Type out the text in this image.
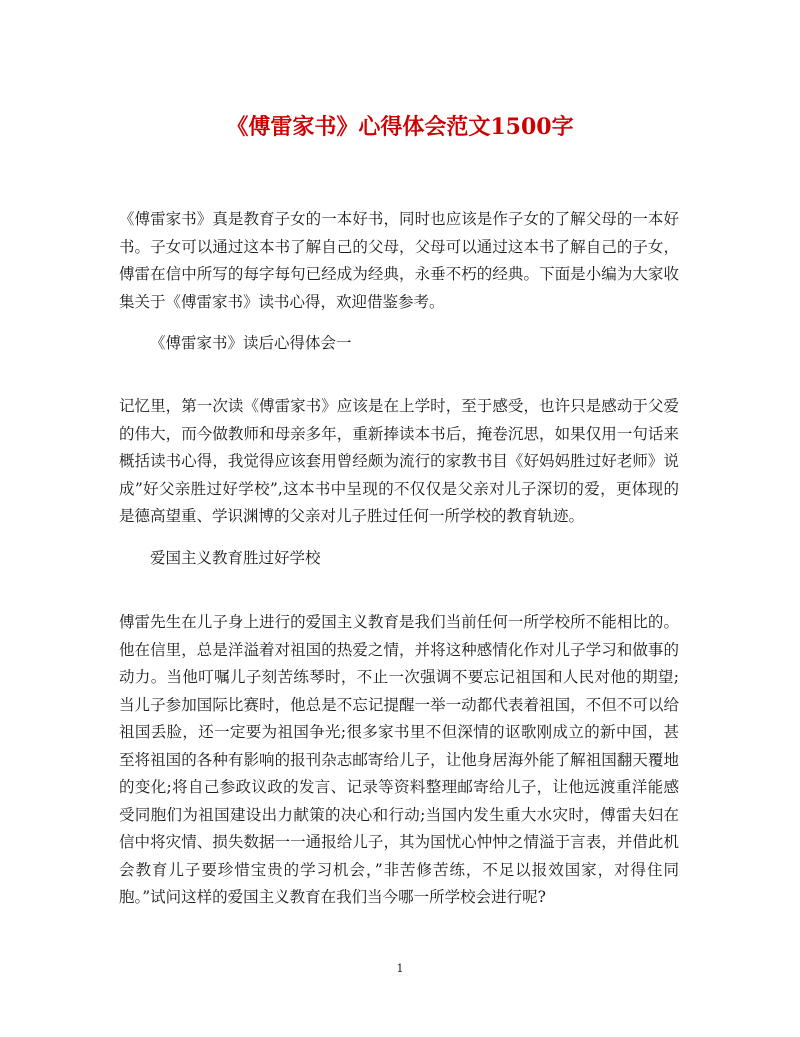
《傅雷家书》心得体会范文1500字

《傅雷家书》真是教育子女的一本好书，同时也应该是作子女的了解父母的一本好书。子女可以通过这本书了解自己的父母，父母可以通过这本书了解自己的子女，傅雷在信中所写的每字每句已经成为经典，永垂不朽的经典。下面是小编为大家收集关于《傅雷家书》读书心得，欢迎借鉴参考。

《傅雷家书》读后心得体会一

记忆里，第一次读《傅雷家书》应该是在上学时，至于感受，也许只是感动于父爱的伟大，而今做教师和母亲多年，重新捧读本书后，掩卷沉思，如果仅用一句话来概括读书心得，我觉得应该套用曾经颇为流行的家教书目《好妈妈胜过好老师》说成”好父亲胜过好学校”,这本书中呈现的不仅仅是父亲对儿子深切的爱，更体现的是德高望重、学识渊博的父亲对儿子胜过任何一所学校的教育轨迹。

爱国主义教育胜过好学校

傅雷先生在儿子身上进行的爱国主义教育是我们当前任何一所学校所不能相比的。他在信里，总是洋溢着对祖国的热爱之情，并将这种感情化作对儿子学习和做事的动力。当他叮嘱儿子刻苦练琴时，不止一次强调不要忘记祖国和人民对他的期望;当儿子参加国际比赛时，他总是不忘记提醒一举一动都代表着祖国，不但不可以给祖国丢脸，还一定要为祖国争光;很多家书里不但深情的讴歌刚成立的新中国，甚至将祖国的各种有影响的报刊杂志邮寄给儿子，让他身居海外能了解祖国翻天覆地的变化;将自己参政议政的发言、记录等资料整理邮寄给儿子，让他远渡重洋能感受同胞们为祖国建设出力献策的决心和行动;当国内发生重大水灾时，傅雷夫妇在信中将灾情、损失数据一一通报给儿子，其为国忧心忡忡之情溢于言表，并借此机会教育儿子要珍惜宝贵的学习机会，”非苦修苦练，不足以报效国家，对得住同胞。”试问这样的爱国主义教育在我们当今哪一所学校会进行呢?

1
